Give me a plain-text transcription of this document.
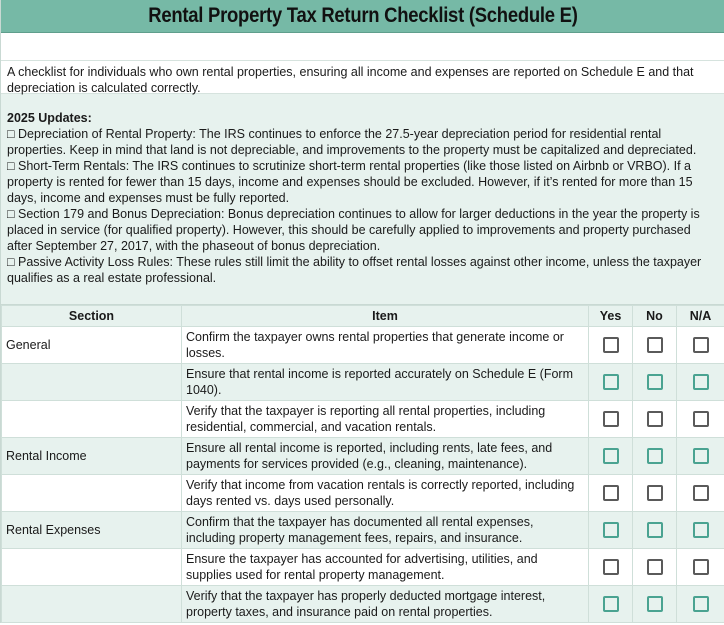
Rental Property Tax Return Checklist (Schedule E)
A checklist for individuals who own rental properties, ensuring all income and expenses are reported on Schedule E and that depreciation is calculated correctly.
2025 Updates:
□ Depreciation of Rental Property: The IRS continues to enforce the 27.5-year depreciation period for residential rental properties. Keep in mind that land is not depreciable, and improvements to the property must be capitalized and depreciated.
□ Short-Term Rentals: The IRS continues to scrutinize short-term rental properties (like those listed on Airbnb or VRBO). If a property is rented for fewer than 15 days, income and expenses should be excluded. However, if it’s rented for more than 15 days, income and expenses must be fully reported.
□ Section 179 and Bonus Depreciation: Bonus depreciation continues to allow for larger deductions in the year the property is placed in service (for qualified property). However, this should be carefully applied to improvements and property purchased after September 27, 2017, with the phaseout of bonus depreciation.
□ Passive Activity Loss Rules: These rules still limit the ability to offset rental losses against other income, unless the taxpayer qualifies as a real estate professional.
Section	Item	Yes	No	N/A
General	Confirm the taxpayer owns rental properties that generate income or losses.			
	Ensure that rental income is reported accurately on Schedule E (Form 1040).			
	Verify that the taxpayer is reporting all rental properties, including residential, commercial, and vacation rentals.			
Rental Income	Ensure all rental income is reported, including rents, late fees, and payments for services provided (e.g., cleaning, maintenance).			
	Verify that income from vacation rentals is correctly reported, including days rented vs. days used personally.			
Rental Expenses	Confirm that the taxpayer has documented all rental expenses, including property management fees, repairs, and insurance.			
	Ensure the taxpayer has accounted for advertising, utilities, and supplies used for rental property management.			
	Verify that the taxpayer has properly deducted mortgage interest, property taxes, and insurance paid on rental properties.			
